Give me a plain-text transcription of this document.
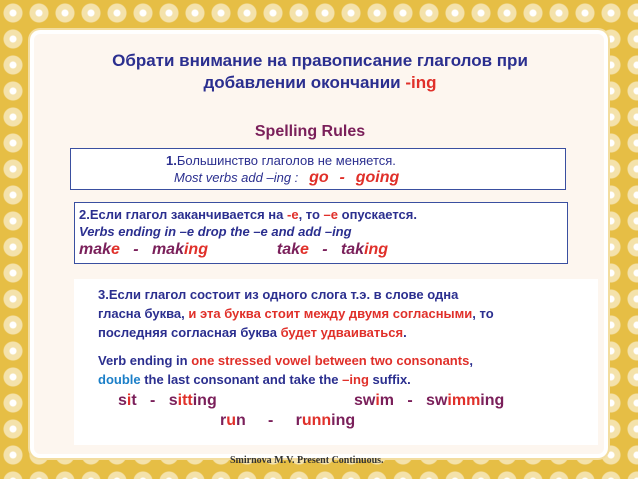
Обрати внимание на правописание глаголов при
добавлении окончании -ing
Spelling Rules
1.Большинство глаголов не меняется.
Most verbs add –ing : go - going
2.Если глагол заканчивается на -e, то –e опускается.
Verbs ending in –e drop the –e and add –ing
make - making	take - taking
3.Если глагол состоит из одного слога т.э. в слове одна
гласна буква, и эта буква стоит между двумя согласными, то
последняя согласная буква будет удваиваться.
Verb ending in one stressed vowel between two consonants,
double the last consonant and take the –ing suffix.
sit - sitting	swim - swimming
run - running
Smirnova M.V. Present Continuous.
